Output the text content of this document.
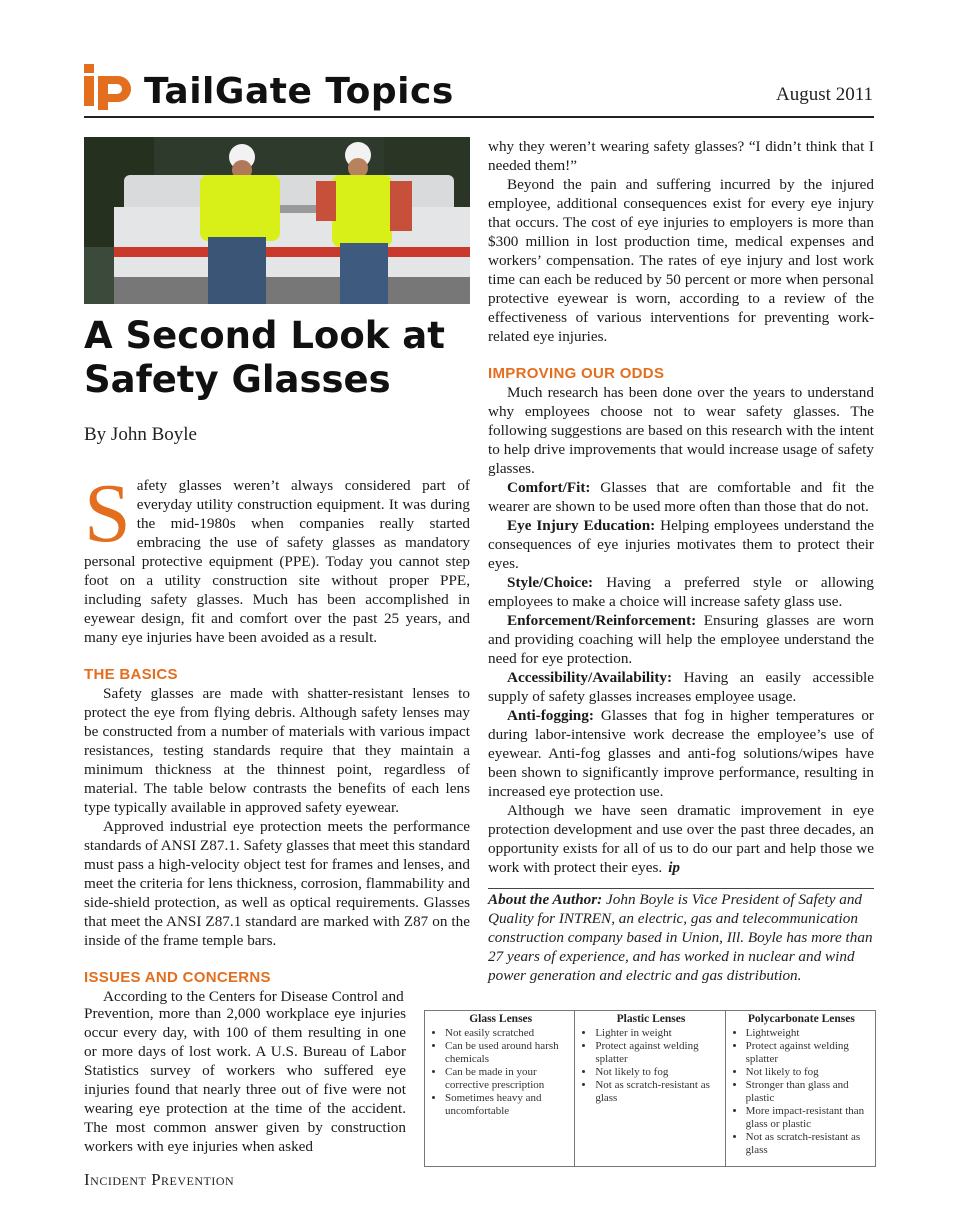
TailGate Topics	August 2011
A Second Look at Safety Glasses
By John Boyle

Safety glasses weren’t always considered part of everyday utility construction equipment. It was during the mid-1980s when companies really started embracing the use of safety glasses as mandatory personal protective equipment (PPE). Today you cannot step foot on a utility construction site without proper PPE, including safety glasses. Much has been accomplished in eyewear design, fit and comfort over the past 25 years, and many eye injuries have been avoided as a result.

THE BASICS

Safety glasses are made with shatter-resistant lenses to protect the eye from flying debris. Although safety lenses may be constructed from a number of materials with various impact resistances, testing standards require that they maintain a minimum thickness at the thinnest point, regardless of material. The table below contrasts the benefits of each lens type typically available in approved safety eyewear.

Approved industrial eye protection meets the performance standards of ANSI Z87.1. Safety glasses that meet this standard must pass a high-velocity object test for frames and lenses, and meet the criteria for lens thickness, corrosion, flammability and side-shield protection, as well as optical requirements. Glasses that meet the ANSI Z87.1 standard are marked with Z87 on the inside of the frame temple bars.

ISSUES AND CONCERNS

According to the Centers for Disease Control and

Prevention, more than 2,000 workplace eye injuries occur every day, with 100 of them resulting in one or more days of lost work. A U.S. Bureau of Labor Statistics survey of workers who suffered eye injuries found that nearly three out of five were not wearing eye protection at the time of the accident. The most common answer given by construction workers with eye injuries when asked

why they weren’t wearing safety glasses? “I didn’t think that I needed them!”

Beyond the pain and suffering incurred by the injured employee, additional consequences exist for every eye injury that occurs. The cost of eye injuries to employers is more than $300 million in lost production time, medical expenses and workers’ compensation. The rates of eye injury and lost work time can each be reduced by 50 percent or more when personal protective eyewear is worn, according to a review of the effectiveness of various interventions for preventing work-related eye injuries.

IMPROVING OUR ODDS

Much research has been done over the years to understand why employees choose not to wear safety glasses. The following suggestions are based on this research with the intent to help drive improvements that would increase usage of safety glasses.

Comfort/Fit: Glasses that are comfortable and fit the wearer are shown to be used more often than those that do not.

Eye Injury Education: Helping employees understand the consequences of eye injuries motivates them to protect their eyes.

Style/Choice: Having a preferred style or allowing employees to make a choice will increase safety glass use.

Enforcement/Reinforcement: Ensuring glasses are worn and providing coaching will help the employee understand the need for eye protection.

Accessibility/Availability: Having an easily accessible supply of safety glasses increases employee usage.

Anti-fogging: Glasses that fog in higher temperatures or during labor-intensive work decrease the employee’s use of eyewear. Anti-fog glasses and anti-fog solutions/wipes have been shown to significantly improve performance, resulting in increased eye protection use.

Although we have seen dramatic improvement in eye protection development and use over the past three decades, an opportunity exists for all of us to do our part and help those we work with protect their eyes. ip

About the Author: John Boyle is Vice President of Safety and Quality for INTREN, an electric, gas and telecommunication construction company based in Union, Ill. Boyle has more than 27 years of experience, and has worked in nuclear and wind power generation and electric and gas distribution.
Glass Lenses
• Not easily scratched
• Can be used around harsh chemicals
• Can be made in your corrective prescription
• Sometimes heavy and uncomfortable
Plastic Lenses
• Lighter in weight
• Protect against welding splatter
• Not likely to fog
• Not as scratch-resistant as glass
Polycarbonate Lenses
• Lightweight
• Protect against welding splatter
• Not likely to fog
• Stronger than glass and plastic
• More impact-resistant than glass or plastic
• Not as scratch-resistant as glass
Incident Prevention
